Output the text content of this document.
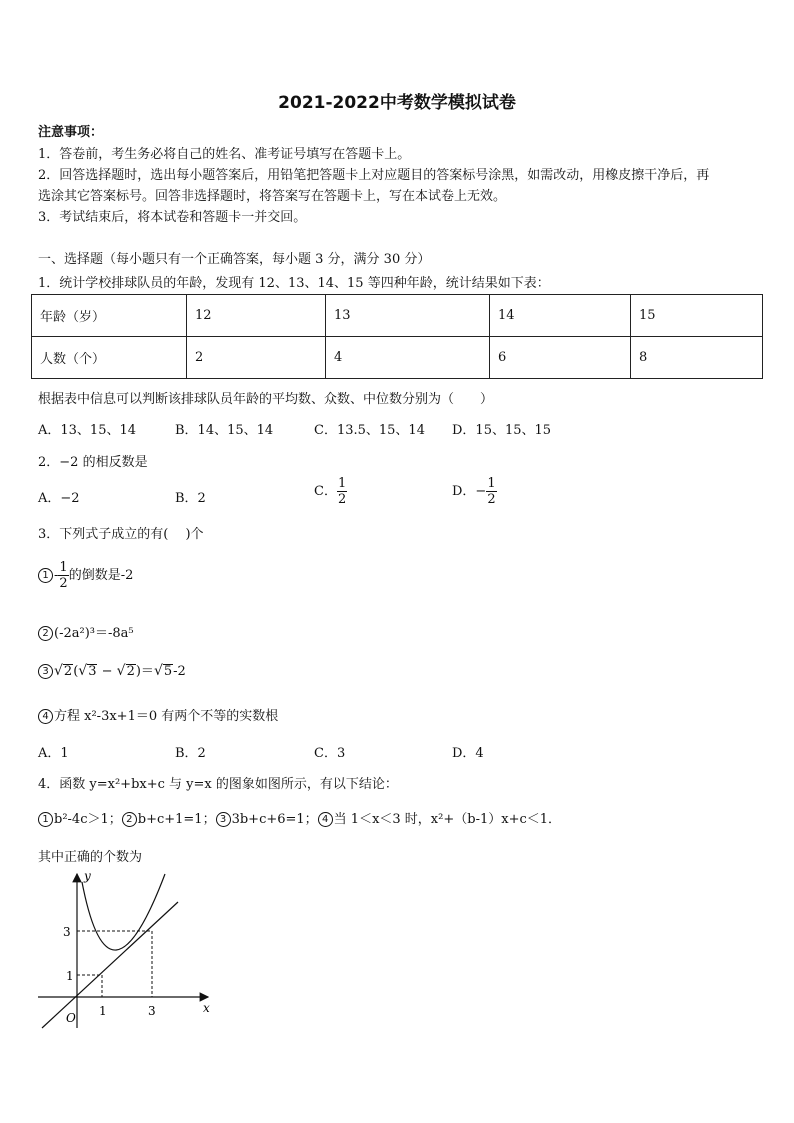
2021-2022中考数学模拟试卷
注意事项：
1．答卷前，考生务必将自己的姓名、准考证号填写在答题卡上。
2．回答选择题时，选出每小题答案后，用铅笔把答题卡上对应题目的答案标号涂黑，如需改动，用橡皮擦干净后，再
选涂其它答案标号。回答非选择题时，将答案写在答题卡上，写在本试卷上无效。
3．考试结束后，将本试卷和答题卡一并交回。
一、选择题（每小题只有一个正确答案，每小题 3 分，满分 30 分）
1．统计学校排球队员的年龄，发现有 12、13、14、15 等四种年龄，统计结果如下表：
年龄（岁）	12	13	14	15
人数（个）	2	4	6	8
根据表中信息可以判断该排球队员年龄的平均数、众数、中位数分别为（　　）
A．13、15、14	B．14、15、14	C．13.5、15、14 D．15、15、15
2．−2 的相反数是
A．−2	B．2	C． $\frac{1}{2}$	D．− $\frac{1}{2}$
3．下列式子成立的有(　 )个
$1 - \frac{1}{2}$ 的倒数是-2
2 (-2a²)³＝-8a⁵
3 √2(√3 − √2)＝√5-2
4 方程 x²-3x+1＝0 有两个不等的实数根
A．1	B．2	C．3	D．4
4．函数 y=x²+bx+c 与 y=x 的图象如图所示，有以下结论：
1 b²-4c＞1； 2 b+c+1=1； 3 3b+c+6=1； 4 当 1＜x＜3 时，x²+（b-1）x+c＜1．
其中正确的个数为
y
x
O
3
1
1	3
